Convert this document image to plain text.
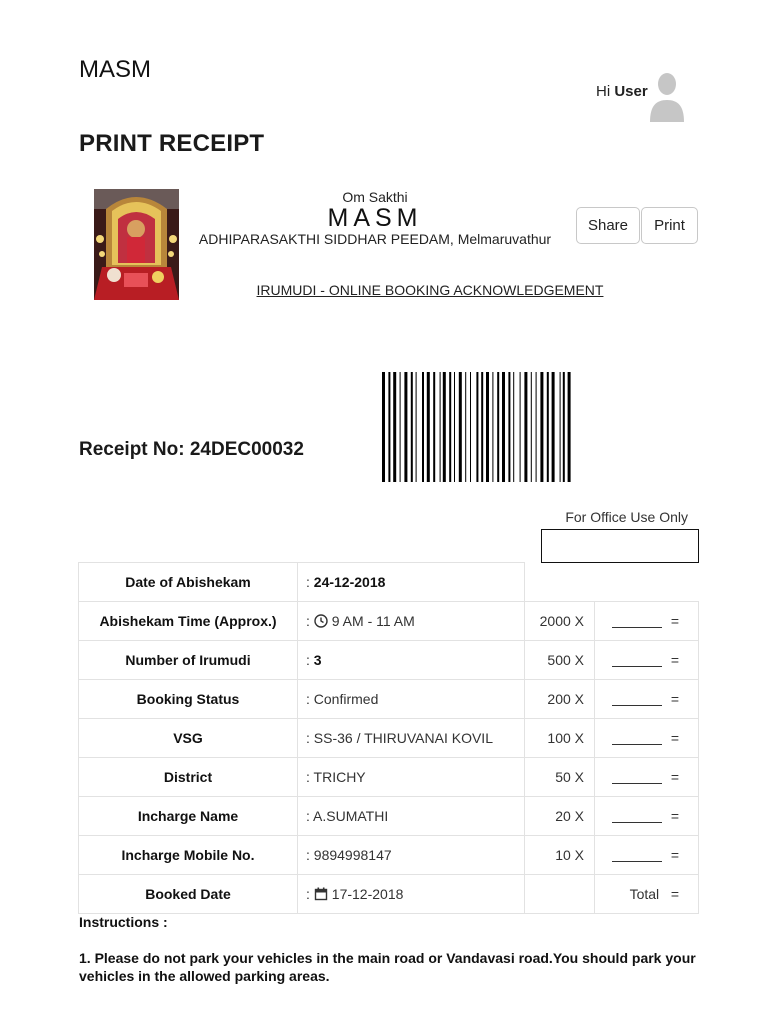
MASM
Hi User
PRINT RECEIPT
Om Sakthi
MASM
ADHIPARASAKTHI SIDDHAR PEEDAM, Melmaruvathur
Share	Print
IRUMUDI - ONLINE BOOKING ACKNOWLEDGEMENT
Receipt No: 24DEC00032
For Office Use Only
Date of Abishekam	: 24-12-2018		
Abishekam Time (Approx.)	: 9 AM - 11 AM	2000 X	=
Number of Irumudi	: 3	500 X	=
Booking Status	: Confirmed	200 X	=
VSG	: SS-36 / THIRUVANAI KOVIL	100 X	=
District	: TRICHY	50 X	=
Incharge Name	: A.SUMATHI	20 X	=
Incharge Mobile No.	: 9894998147	10 X	=
Booked Date	: 17-12-2018		Total =
Instructions :
1. Please do not park your vehicles in the main road or Vandavasi road.You should park your vehicles in the allowed parking areas.
